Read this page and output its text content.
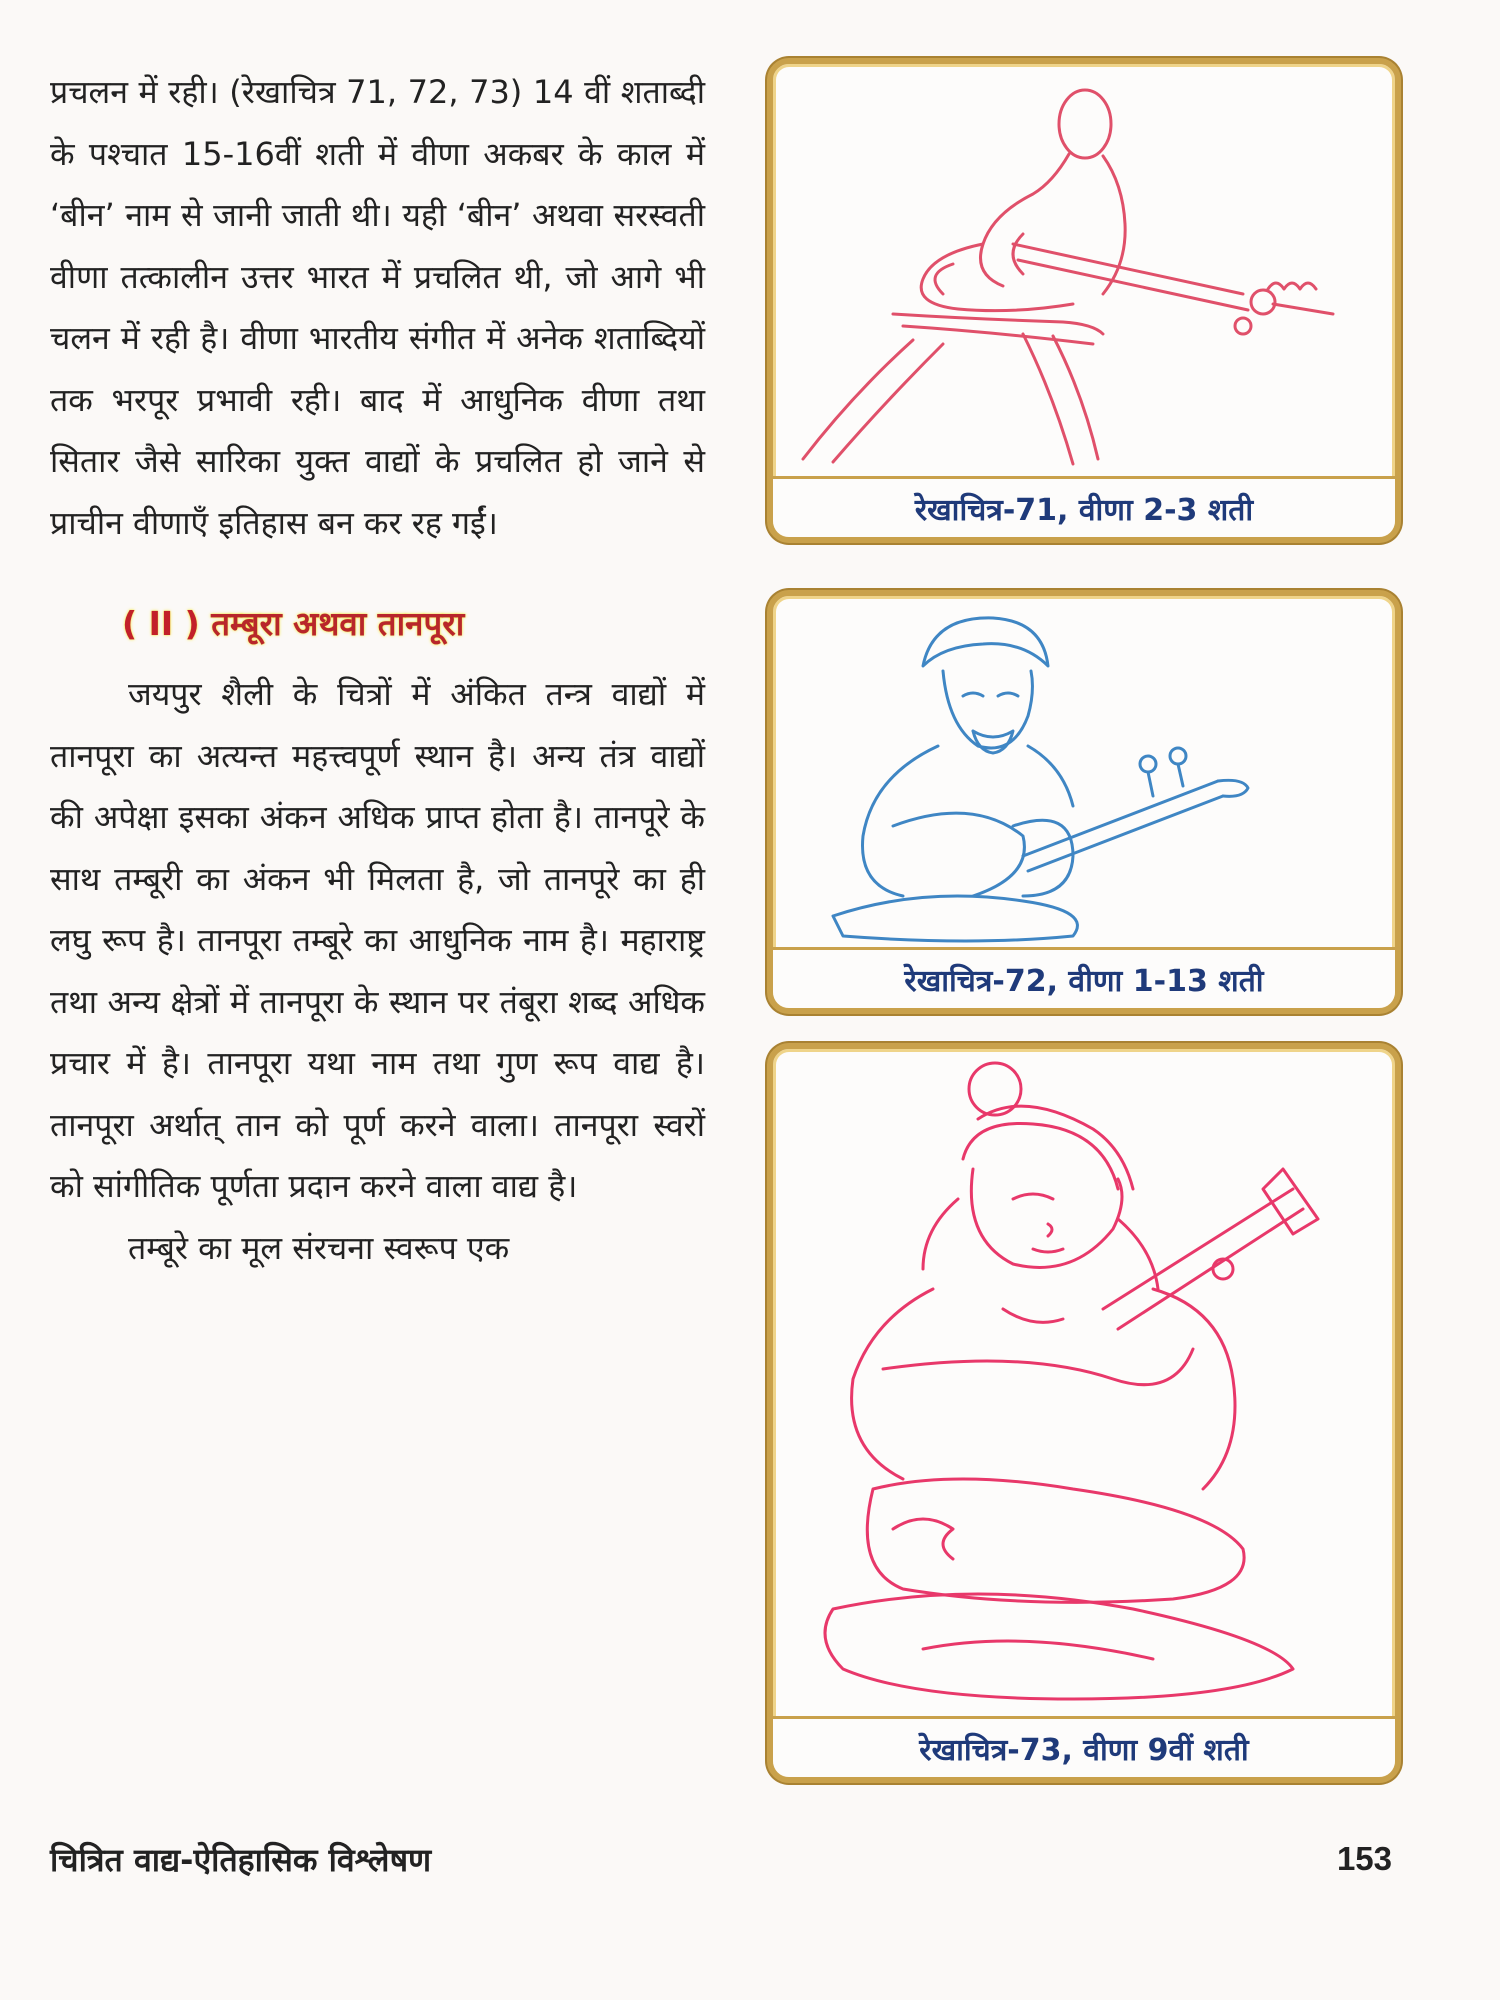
प्रचलन में रही। (रेखाचित्र 71, 72, 73) 14 वीं शताब्दी के पश्चात 15-16वीं शती में वीणा अकबर के काल में ‘बीन’ नाम से जानी जाती थी। यही ‘बीन’ अथवा सरस्वती वीणा तत्कालीन उत्तर भारत में प्रचलित थी, जो आगे भी चलन में रही है। वीणा भारतीय संगीत में अनेक शताब्दियों तक भरपूर प्रभावी रही। बाद में आधुनिक वीणा तथा सितार जैसे सारिका युक्त वाद्यों के प्रचलित हो जाने से प्राचीन वीणाएँ इतिहास बन कर रह गईं।

( II ) तम्बूरा अथवा तानपूरा

जयपुर शैली के चित्रों में अंकित तन्त्र वाद्यों में तानपूरा का अत्यन्त महत्त्वपूर्ण स्थान है। अन्य तंत्र वाद्यों की अपेक्षा इसका अंकन अधिक प्राप्त होता है। तानपूरे के साथ तम्बूरी का अंकन भी मिलता है, जो तानपूरे का ही लघु रूप है। तानपूरा तम्बूरे का आधुनिक नाम है। महाराष्ट्र तथा अन्य क्षेत्रों में तानपूरा के स्थान पर तंबूरा शब्द अधिक प्रचार में है। तानपूरा यथा नाम तथा गुण रूप वाद्य है। तानपूरा अर्थात् तान को पूर्ण करने वाला। तानपूरा स्वरों को सांगीतिक पूर्णता प्रदान करने वाला वाद्य है।

तम्बूरे का मूल संरचना स्वरूप एक

रेखाचित्र-71, वीणा 2-3 शती
रेखाचित्र-72, वीणा 1-13 शती
रेखाचित्र-73, वीणा 9वीं शती
चित्रित वाद्य-ऐतिहासिक विश्लेषण	153
